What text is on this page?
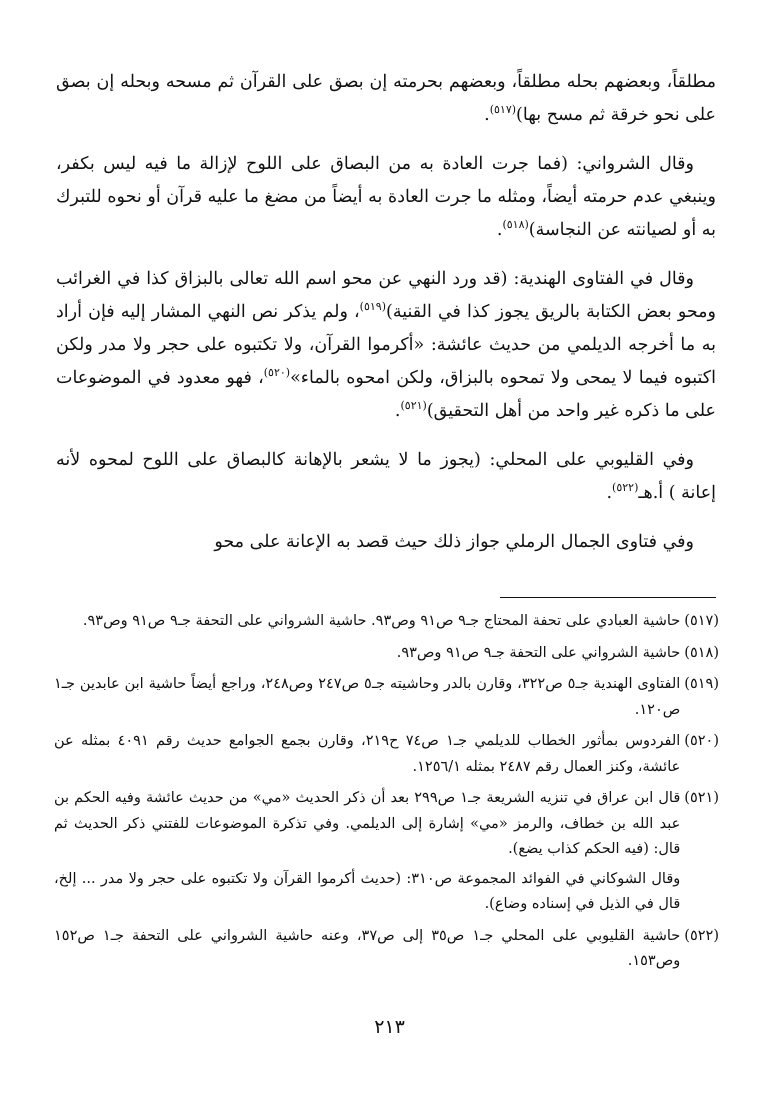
مطلقاً، وبعضهم بحله مطلقاً، وبعضهم بحرمته إن بصق على القرآن ثم مسحه وبحله إن بصق على نحو خرقة ثم مسح بها)$^{(٥١٧)}$.

وقال الشرواني: (فما جرت العادة به من البصاق على اللوح لإزالة ما فيه ليس بكفر، وينبغي عدم حرمته أيضاً، ومثله ما جرت العادة به أيضاً من مضغ ما عليه قرآن أو نحوه للتبرك به أو لصيانته عن النجاسة)$^{(٥١٨)}$.

وقال في الفتاوى الهندية: (قد ورد النهي عن محو اسم الله تعالى بالبزاق كذا في الغرائب ومحو بعض الكتابة بالريق يجوز كذا في القنية)$^{(٥١٩)}$، ولم يذكر نص النهي المشار إليه فإن أراد به ما أخرجه الديلمي من حديث عائشة: «أكرموا القرآن، ولا تكتبوه على حجر ولا مدر ولكن اكتبوه فيما لا يمحى ولا تمحوه بالبزاق، ولكن امحوه بالماء»$^{(٥٢٠)}$، فهو معدود في الموضوعات على ما ذكره غير واحد من أهل التحقيق)$^{(٥٢١)}$.

وفي القليوبي على المحلي: (يجوز ما لا يشعر بالإهانة كالبصاق على اللوح لمحوه لأنه إعانة ) أ.هـ$^{(٥٢٢)}$.

وفي فتاوى الجمال الرملي جواز ذلك حيث قصد به الإعانة على محو

(٥١٧)

حاشية العبادي على تحفة المحتاج جـ٩ ص٩١ وص٩٣. حاشية الشرواني على التحفة جـ٩ ص٩١ وص٩٣.

(٥١٨)

حاشية الشرواني على التحفة جـ٩ ص٩١ وص٩٣.

(٥١٩)

الفتاوى الهندية جـ٥ ص٣٢٢، وقارن بالدر وحاشيته جـ٥ ص٢٤٧ وص٢٤٨، وراجع أيضاً حاشية ابن عابدين جـ١ ص١٢٠.

(٥٢٠)

الفردوس بمأثور الخطاب للديلمي جـ١ ص٧٤ ح٢١٩، وقارن بجمع الجوامع حديث رقم ٤٠٩١ بمثله عن عائشة، وكنز العمال رقم ٢٤٨٧ بمثله ١٢٥٦/١.

(٥٢١)

قال ابن عراق في تنزيه الشريعة جـ١ ص٢٩٩ بعد أن ذكر الحديث «مي» من حديث عائشة وفيه الحكم بن عبد الله بن خطاف، والرمز «مي» إشارة إلى الديلمي. وفي تذكرة الموضوعات للفتني ذكر الحديث ثم قال: (فيه الحكم كذاب يضع).

وقال الشوكاني في الفوائد المجموعة ص٣١٠: (حديث أكرموا القرآن ولا تكتبوه على حجر ولا مدر ... إلخ، قال في الذيل في إسناده وضاع).

(٥٢٢)

حاشية القليوبي على المحلي جـ١ ص٣٥ إلى ص٣٧، وعنه حاشية الشرواني على التحفة جـ١ ص١٥٢ وص١٥٣.

٢١٣
